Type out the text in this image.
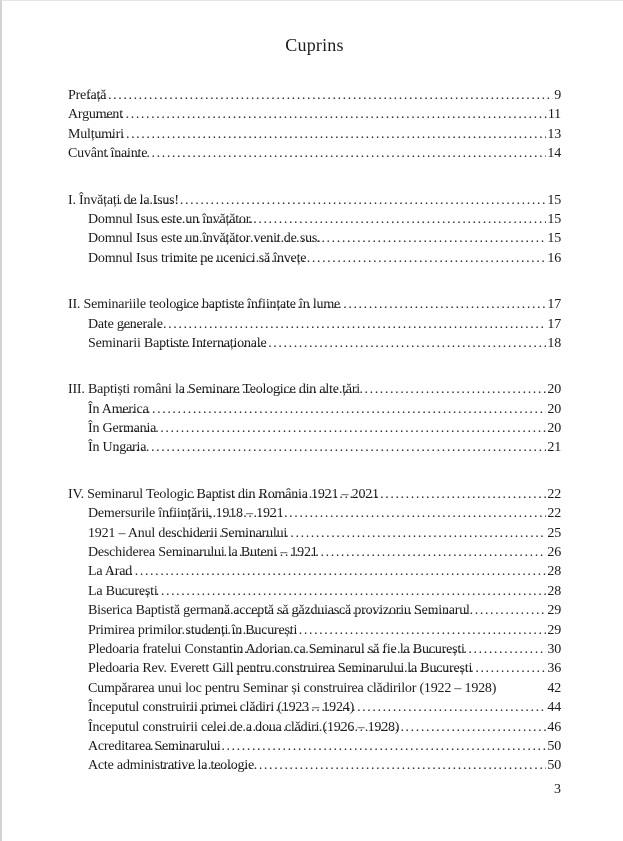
Cuprins
Prefață .....	9
Argument .....	11
Mulțumiri .....	13
Cuvânt înainte .....	14
I. Învățați de la Isus! .....	15
Domnul Isus este un învățător. .....	15
Domnul Isus este un învățător venit de sus. .....	15
Domnul Isus trimite pe ucenici să învețe .....	16
II. Seminariile teologice baptiste înființate în lume .....	17
Date generale .....	17
Seminarii Baptiste Internaționale .....	18
III. Baptiști români la Seminare Teologice din alte țări .....	20
În America .....	20
În Germania .....	20
În Ungaria .....	21
IV. Seminarul Teologic Baptist din România 1921 – 2021 .....	22
Demersurile înființării, 1918 – 1921 .....	22
1921 – Anul deschiderii Seminarului .....	25
Deschiderea Seminarului la Buteni – 1921 .....	26
La Arad .....	28
La București .....	28
Biserica Baptistă germană acceptă să găzduiască provizoriu Seminarul .....	29
Primirea primilor studenți în București .....	29
Pledoaria fratelui Constantin Adorian ca Seminarul să fie la București .....	30
Pledoaria Rev. Everett Gill pentru construirea Seminarului la București .....	36
Cumpărarea unui loc pentru Seminar și construirea clădirilor (1922 – 1928)	42
Începutul construirii primei clădiri (1923 – 1924) .....	44
Începutul construirii celei de a doua clădiri (1926 – 1928) .....	46
Acreditarea Seminarului .....	50
Acte administrative la teologie .....	50
3
